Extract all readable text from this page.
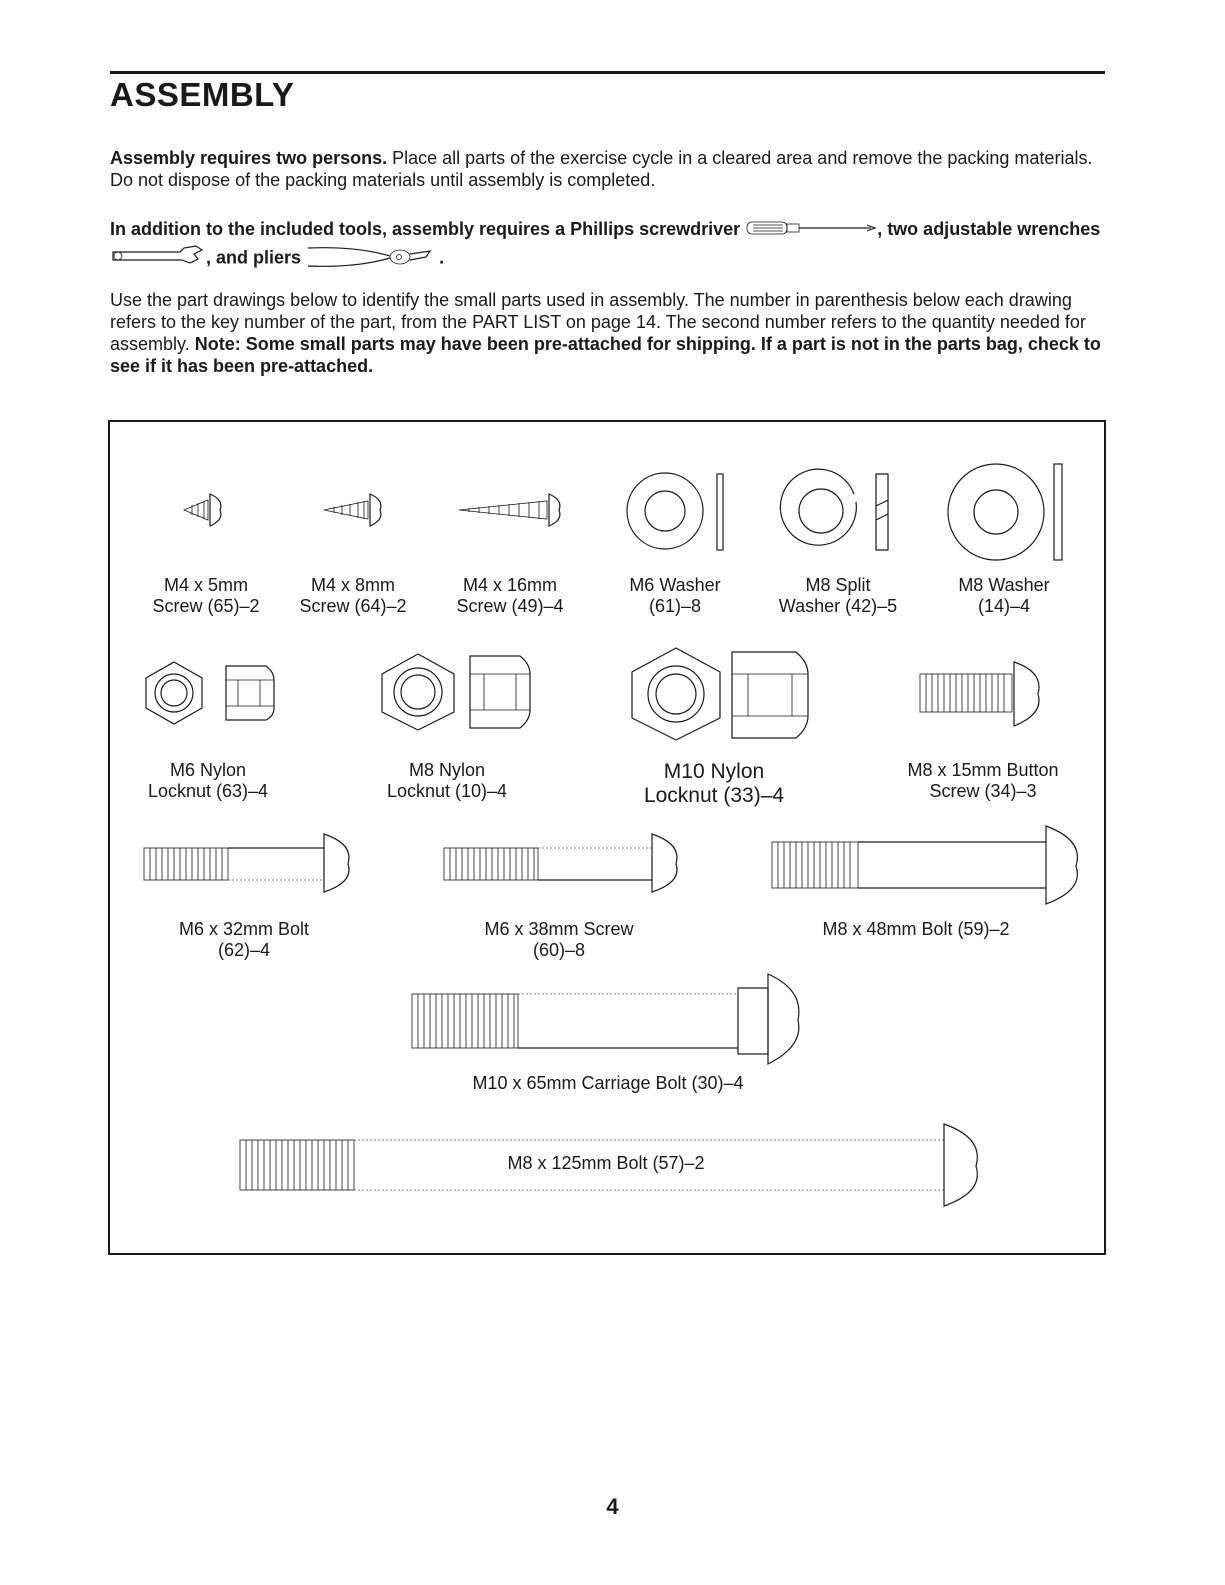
ASSEMBLY

Assembly requires two persons. Place all parts of the exercise cycle in a cleared area and remove the packing materials. Do not dispose of the packing materials until assembly is completed.

In addition to the included tools, assembly requires a Phillips screwdriver	, two adjustable wrenches , and pliers	.

Use the part drawings below to identify the small parts used in assembly. The number in parenthesis below each drawing refers to the key number of the part, from the PART LIST on page 14. The second number refers to the quantity needed for assembly. Note: Some small parts may have been pre-attached for shipping. If a part is not in the parts bag, check to see if it has been pre-attached.

M4 x 5mm
Screw (65)–2
M4 x 8mm
Screw (64)–2
M4 x 16mm
Screw (49)–4
M6 Washer
(61)–8
M8 Split
Washer (42)–5
M8 Washer
(14)–4
M6 Nylon
Locknut (63)–4
M8 Nylon
Locknut (10)–4
M10 Nylon
Locknut (33)–4
M8 x 15mm Button
Screw (34)–3
M6 x 32mm Bolt
(62)–4
M6 x 38mm Screw
(60)–8
M8 x 48mm Bolt (59)–2
M10 x 65mm Carriage Bolt (30)–4
M8 x 125mm Bolt (57)–2
4
